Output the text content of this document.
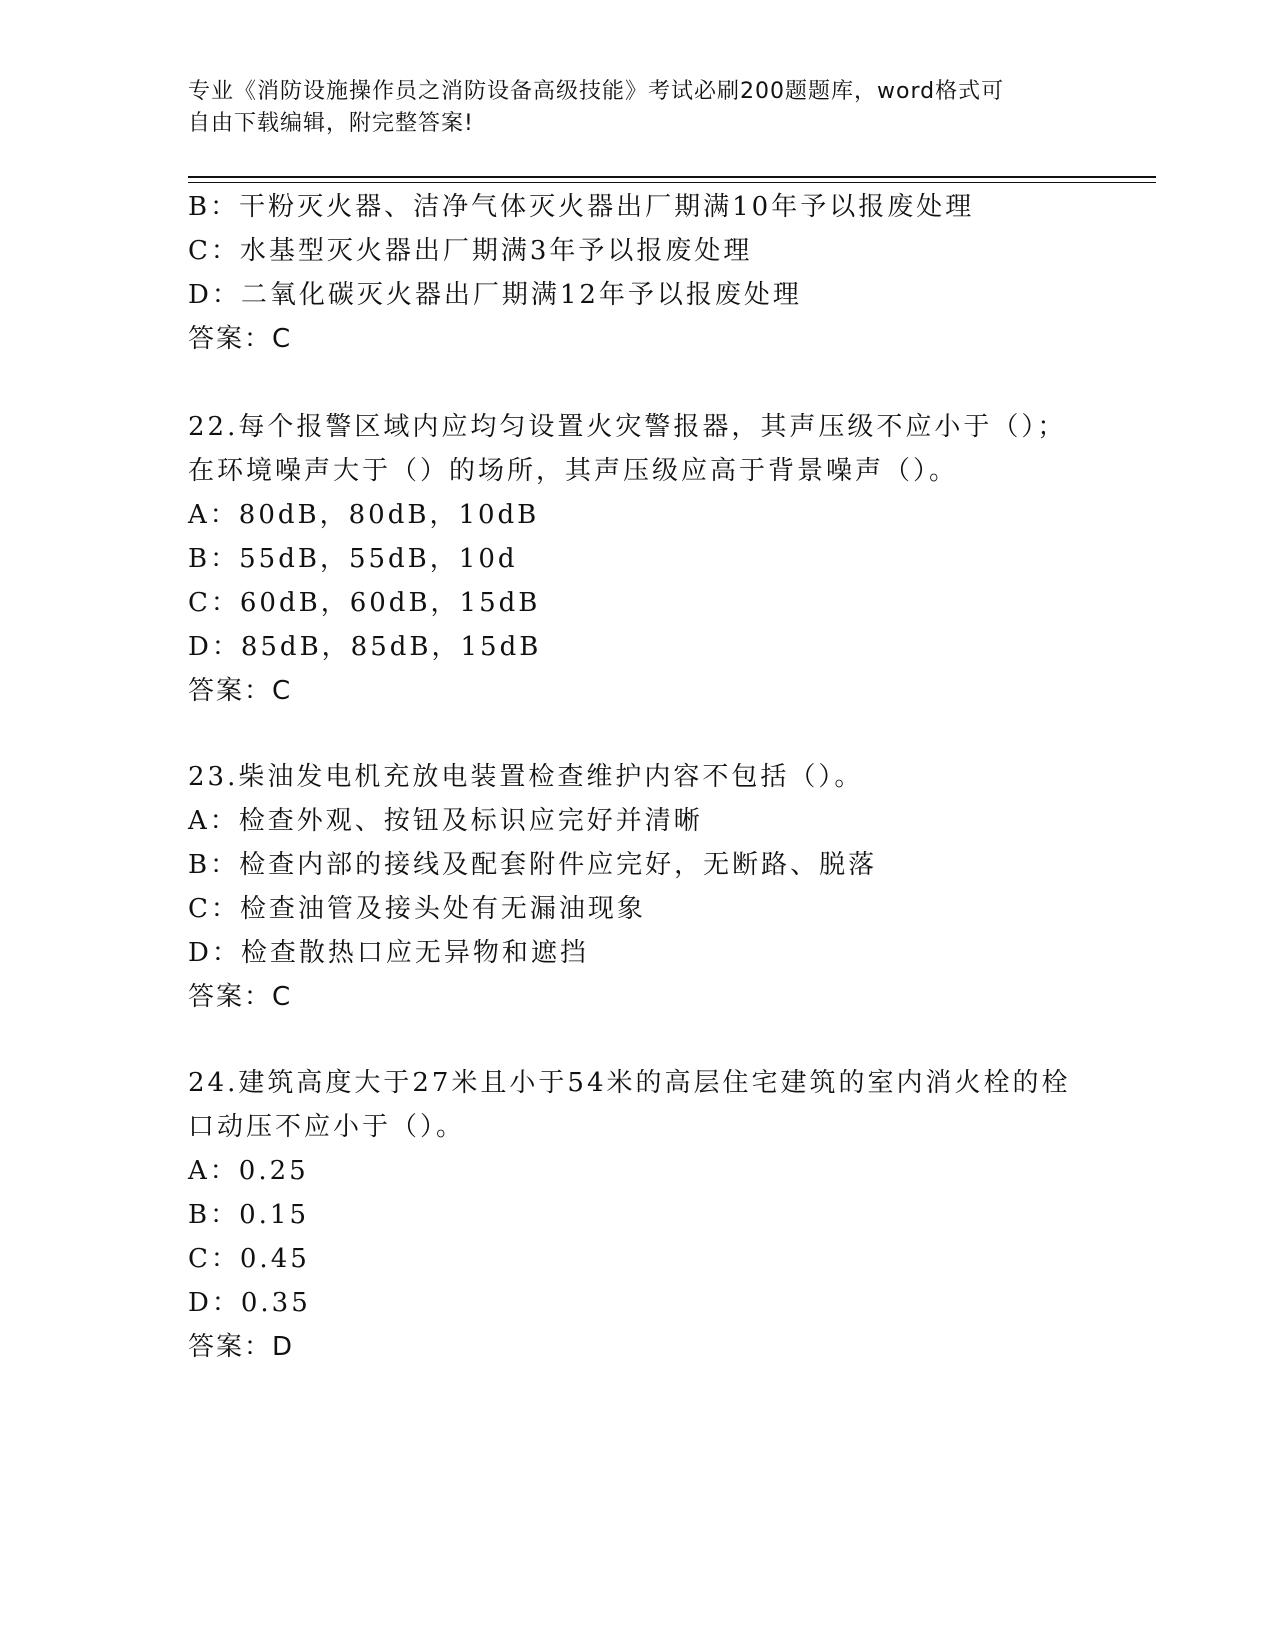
专业《消防设施操作员之消防设备高级技能》考试必刷200题题库，word格式可
自由下载编辑，附完整答案!
B：干粉灭火器、洁净气体灭火器出厂期满10年予以报废处理
C：水基型灭火器出厂期满3年予以报废处理
D：二氧化碳灭火器出厂期满12年予以报废处理
答案：C
22.每个报警区域内应均匀设置火灾警报器，其声压级不应小于（）；
在环境噪声大于（）的场所，其声压级应高于背景噪声（）。
A：80dB，80dB，10dB
B：55dB，55dB，10d
C：60dB，60dB，15dB
D：85dB，85dB，15dB
答案：C
23.柴油发电机充放电装置检查维护内容不包括（）。
A：检查外观、按钮及标识应完好并清晰
B：检查内部的接线及配套附件应完好，无断路、脱落
C：检查油管及接头处有无漏油现象
D：检查散热口应无异物和遮挡
答案：C
24.建筑高度大于27米且小于54米的高层住宅建筑的室内消火栓的栓
口动压不应小于（）。
A：0.25
B：0.15
C：0.45
D：0.35
答案：D
